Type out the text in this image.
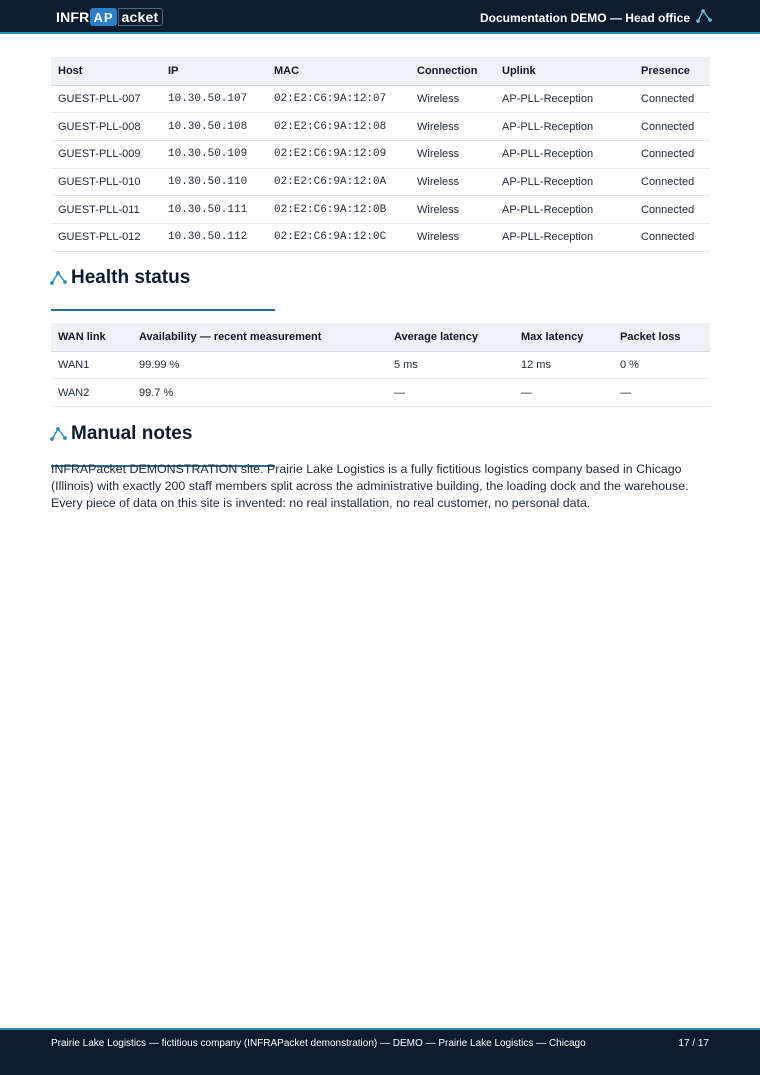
INFR AP acket	Documentation DEMO — Head office
Host	IP	MAC	Connection	Uplink	Presence
GUEST-PLL-007	10.30.50.107	02:E2:C6:9A:12:07	Wireless	AP-PLL-Reception	Connected
GUEST-PLL-008	10.30.50.108	02:E2:C6:9A:12:08	Wireless	AP-PLL-Reception	Connected
GUEST-PLL-009	10.30.50.109	02:E2:C6:9A:12:09	Wireless	AP-PLL-Reception	Connected
GUEST-PLL-010	10.30.50.110	02:E2:C6:9A:12:0A	Wireless	AP-PLL-Reception	Connected
GUEST-PLL-011	10.30.50.111	02:E2:C6:9A:12:0B	Wireless	AP-PLL-Reception	Connected
GUEST-PLL-012	10.30.50.112	02:E2:C6:9A:12:0C	Wireless	AP-PLL-Reception	Connected
Health status
WAN link	Availability — recent measurement	Average latency	Max latency	Packet loss
WAN1	99.99 %	5 ms	12 ms	0 %
WAN2	99.7 %	—	—	—
Manual notes

INFRAPacket DEMONSTRATION site. Prairie Lake Logistics is a fully fictitious logistics company based in Chicago (Illinois) with exactly 200 staff members split across the administrative building, the loading dock and the warehouse. Every piece of data on this site is invented: no real installation, no real customer, no personal data.

Prairie Lake Logistics — fictitious company (INFRAPacket demonstration) — DEMO — Prairie Lake Logistics — Chicago	17 / 17
